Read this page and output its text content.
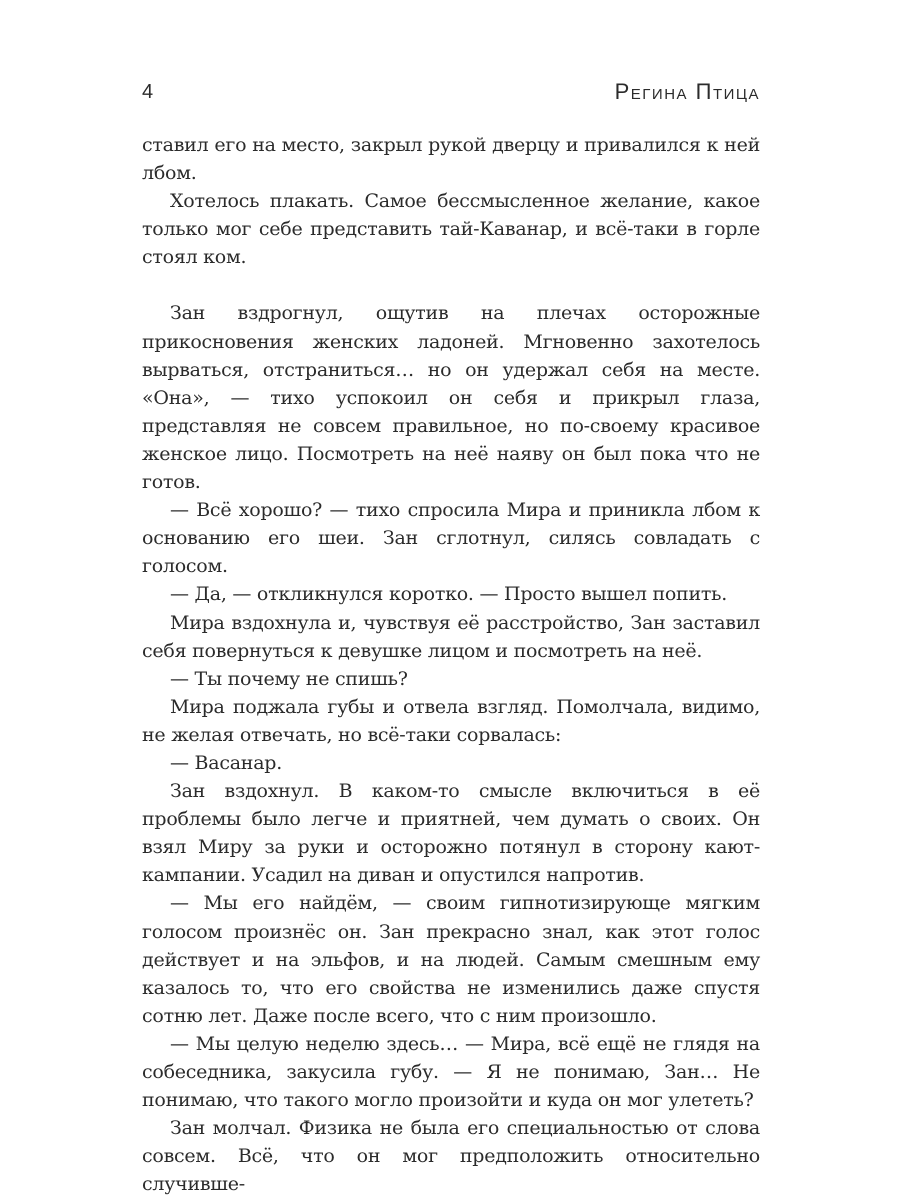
4	Регина Птица

ставил его на место, закрыл рукой дверцу и привалился к ней лбом.

Хотелось плакать. Самое бессмысленное желание, какое только мог себе представить тай-Каванар, и всё-таки в горле стоял ком.

Зан вздрогнул, ощутив на плечах осторожные прикосновения женских ладоней. Мгновенно захотелось вырваться, отстраниться… но он удержал себя на месте. «Она», — тихо успокоил он себя и прикрыл глаза, представляя не совсем правильное, но по-своему красивое женское лицо. Посмотреть на неё наяву он был пока что не готов.

— Всё хорошо? — тихо спросила Мира и приникла лбом к основанию его шеи. Зан сглотнул, силясь совладать с голосом.

— Да, — откликнулся коротко. — Просто вышел попить.

Мира вздохнула и, чувствуя её расстройство, Зан заставил себя повернуться к девушке лицом и посмотреть на неё.

— Ты почему не спишь?

Мира поджала губы и отвела взгляд. Помолчала, видимо, не желая отвечать, но всё-таки сорвалась:

— Васанар.

Зан вздохнул. В каком-то смысле включиться в её проблемы было легче и приятней, чем думать о своих. Он взял Миру за руки и осторожно потянул в сторону кают-кампании. Усадил на диван и опустился напротив.

— Мы его найдём, — своим гипнотизирующе мягким голосом произнёс он. Зан прекрасно знал, как этот голос действует и на эльфов, и на людей. Самым смешным ему казалось то, что его свойства не изменились даже спустя сотню лет. Даже после всего, что с ним произошло.

— Мы целую неделю здесь… — Мира, всё ещё не глядя на собеседника, закусила губу. — Я не понимаю, Зан… Не понимаю, что такого могло произойти и куда он мог улететь?

Зан молчал. Физика не была его специальностью от слова совсем. Всё, что он мог предположить относительно случивше-
